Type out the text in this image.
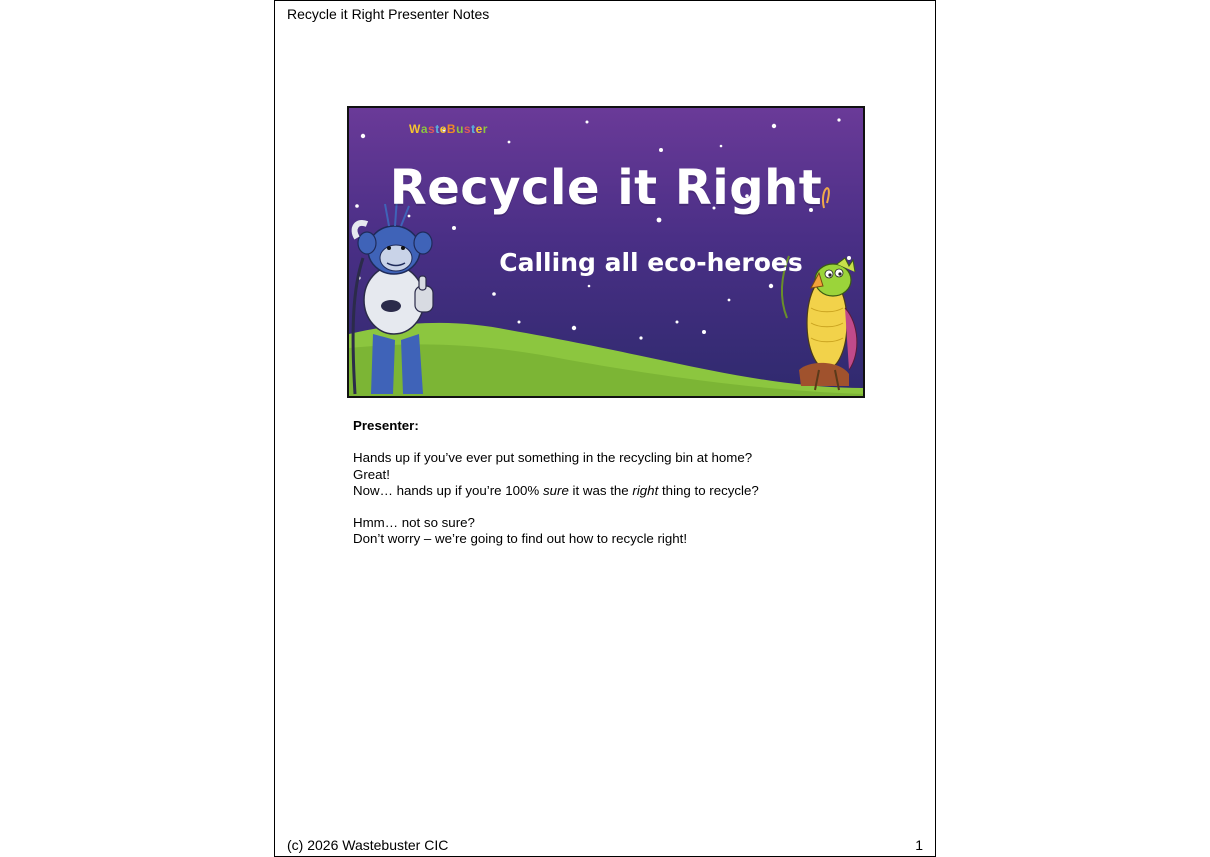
Recycle it Right Presenter Notes
WasteBuster
Recycle it Right
Calling all eco-heroes

Presenter:

Hands up if you’ve ever put something in the recycling bin at home?

Great!

Now… hands up if you’re 100% sure it was the right thing to recycle?

Hmm… not so sure?

Don’t worry – we’re going to find out how to recycle right!

(c) 2026 Wastebuster CIC	1
